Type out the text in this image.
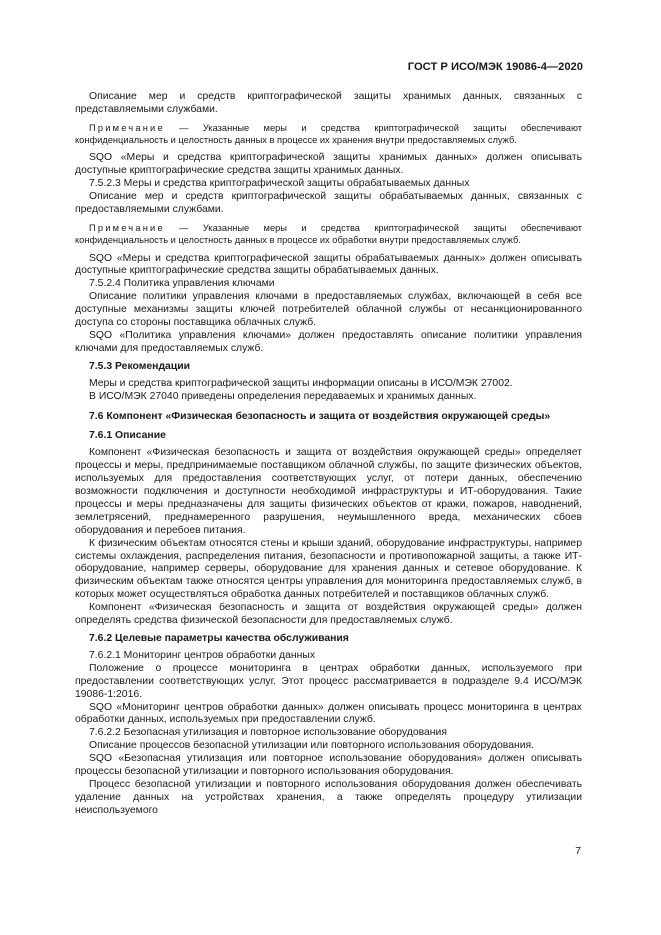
ГОСТ Р ИСО/МЭК 19086-4—2020
Описание мер и средств криптографической защиты хранимых данных, связанных с представляемыми службами.
Примечание — Указанные меры и средства криптографической защиты обеспечивают конфиденциальность и целостность данных в процессе их хранения внутри предоставляемых служб.
SQO «Меры и средства криптографической защиты хранимых данных» должен описывать доступные криптографические средства защиты хранимых данных.
7.5.2.3 Меры и средства криптографической защиты обрабатываемых данных
Описание мер и средств криптографической защиты обрабатываемых данных, связанных с предоставляемыми службами.
Примечание — Указанные меры и средства криптографической защиты обеспечивают конфиденциальность и целостность данных в процессе их обработки внутри предоставляемых служб.
SQO «Меры и средства криптографической защиты обрабатываемых данных» должен описывать доступные криптографические средства защиты обрабатываемых данных.
7.5.2.4 Политика управления ключами
Описание политики управления ключами в предоставляемых службах, включающей в себя все доступные механизмы защиты ключей потребителей облачной службы от несанкционированного доступа со стороны поставщика облачных служб.
SQO «Политика управления ключами» должен предоставлять описание политики управления ключами для предоставляемых служб.
7.5.3 Рекомендации
Меры и средства криптографической защиты информации описаны в ИСО/МЭК 27002.
В ИСО/МЭК 27040 приведены определения передаваемых и хранимых данных.
7.6 Компонент «Физическая безопасность и защита от воздействия окружающей среды»
7.6.1 Описание
Компонент «Физическая безопасность и защита от воздействия окружающей среды» определяет процессы и меры, предпринимаемые поставщиком облачной службы, по защите физических объектов, используемых для предоставления соответствующих услуг, от потери данных, обеспечению возможности подключения и доступности необходимой инфраструктуры и ИТ-оборудования. Такие процессы и меры предназначены для защиты физических объектов от кражи, пожаров, наводнений, землетрясений, преднамеренного разрушения, неумышленного вреда, механических сбоев оборудования и перебоев питания.
К физическим объектам относятся стены и крыши зданий, оборудование инфраструктуры, например системы охлаждения, распределения питания, безопасности и противопожарной защиты, а также ИТ-оборудование, например серверы, оборудование для хранения данных и сетевое оборудование. К физическим объектам также относятся центры управления для мониторинга предоставляемых служб, в которых может осуществляться обработка данных потребителей и поставщиков облачных служб.
Компонент «Физическая безопасность и защита от воздействия окружающей среды» должен определять средства физической безопасности для предоставляемых служб.
7.6.2 Целевые параметры качества обслуживания
7.6.2.1 Мониторинг центров обработки данных
Положение о процессе мониторинга в центрах обработки данных, используемого при предоставлении соответствующих услуг. Этот процесс рассматривается в подразделе 9.4 ИСО/МЭК 19086-1:2016.
SQO «Мониторинг центров обработки данных» должен описывать процесс мониторинга в центрах обработки данных, используемых при предоставлении служб.
7.6.2.2 Безопасная утилизация и повторное использование оборудования
Описание процессов безопасной утилизации или повторного использования оборудования.
SQO «Безопасная утилизация или повторное использование оборудования» должен описывать процессы безопасной утилизации и повторного использования оборудования.
Процесс безопасной утилизации и повторного использования оборудования должен обеспечивать удаление данных на устройствах хранения, а также определять процедуру утилизации неиспользуемого
7
